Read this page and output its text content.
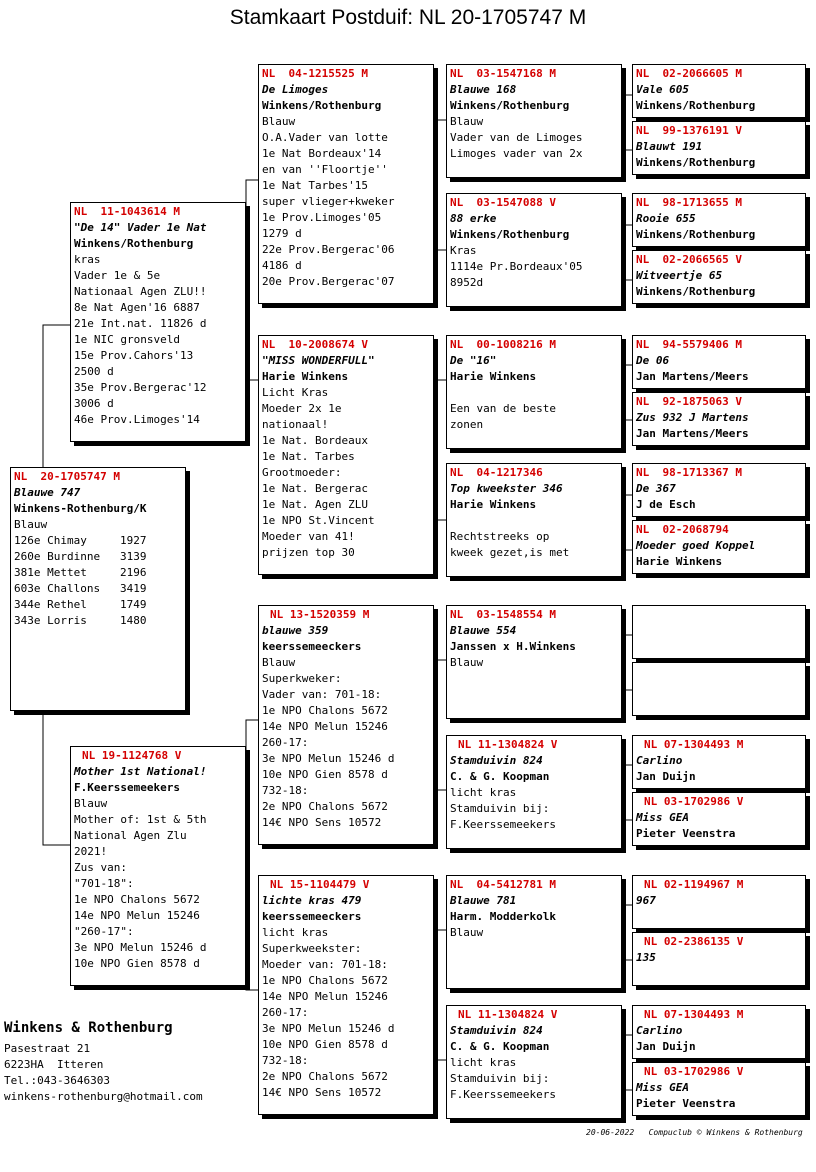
Stamkaart Postduif: NL 20-1705747 M
NL  20-1705747 M
Blauwe 747
Winkens-Rothenburg/K
Blauw
126e Chimay     1927
260e Burdinne   3139
381e Mettet     2196
603e Challons   3419
344e Rethel     1749
343e Lorris     1480
NL  11-1043614 M
"De 14" Vader 1e Nat
Winkens/Rothenburg
kras
Vader 1e & 5e
Nationaal Agen ZLU!!
8e Nat Agen'16 6887
21e Int.nat. 11826 d
1e NIC gronsveld
15e Prov.Cahors'13
2500 d
35e Prov.Bergerac'12
3006 d
46e Prov.Limoges'14
NL 19-1124768 V
Mother 1st National!
F.Keerssemeekers
Blauw
Mother of: 1st & 5th
National Agen Zlu
2021!
Zus van:
"701-18":
1e NPO Chalons 5672
14e NPO Melun 15246
"260-17":
3e NPO Melun 15246 d
10e NPO Gien 8578 d
NL  04-1215525 M
De Limoges
Winkens/Rothenburg
Blauw
O.A.Vader van lotte
1e Nat Bordeaux'14
en van ''Floortje''
1e Nat Tarbes'15
super vlieger+kweker
1e Prov.Limoges'05
1279 d
22e Prov.Bergerac'06
4186 d
20e Prov.Bergerac'07
NL  10-2008674 V
"MISS WONDERFULL"
Harie Winkens
Licht Kras
Moeder 2x 1e
nationaal!
1e Nat. Bordeaux
1e Nat. Tarbes
Grootmoeder:
1e Nat. Bergerac
1e Nat. Agen ZLU
1e NPO St.Vincent
Moeder van 41!
prijzen top 30
NL 13-1520359 M
blauwe 359
keerssemeeckers
Blauw
Superkweker:
Vader van: 701-18:
1e NPO Chalons 5672
14e NPO Melun 15246
260-17:
3e NPO Melun 15246 d
10e NPO Gien 8578 d
732-18:
2e NPO Chalons 5672
14€ NPO Sens 10572
NL 15-1104479 V
lichte kras 479
keerssemeeckers
licht kras
Superkweekster:
Moeder van: 701-18:
1e NPO Chalons 5672
14e NPO Melun 15246
260-17:
3e NPO Melun 15246 d
10e NPO Gien 8578 d
732-18:
2e NPO Chalons 5672
14€ NPO Sens 10572
NL  03-1547168 M
Blauwe 168
Winkens/Rothenburg
Blauw
Vader van de Limoges
Limoges vader van 2x
NL  03-1547088 V
88 erke
Winkens/Rothenburg
Kras
1114e Pr.Bordeaux'05
8952d
NL  00-1008216 M
De "16"
Harie Winkens
Een van de beste
zonen
NL  04-1217346
Top kweekster 346
Harie Winkens
Rechtstreeks op
kweek gezet,is met
NL  03-1548554 M
Blauwe 554
Janssen x H.Winkens
Blauw
NL 11-1304824 V
Stamduivin 824
C. & G. Koopman
licht kras
Stamduivin bij:
F.Keerssemeekers
NL  04-5412781 M
Blauwe 781
Harm. Modderkolk
Blauw
NL 11-1304824 V
Stamduivin 824
C. & G. Koopman
licht kras
Stamduivin bij:
F.Keerssemeekers
NL  02-2066605 M
Vale 605
Winkens/Rothenburg
NL  99-1376191 V
Blauwt 191
Winkens/Rothenburg
NL  98-1713655 M
Rooie 655
Winkens/Rothenburg
NL  02-2066565 V
Witveertje 65
Winkens/Rothenburg
NL  94-5579406 M
De 06
Jan Martens/Meers
NL  92-1875063 V
Zus 932 J Martens
Jan Martens/Meers
NL  98-1713367 M
De 367
J de Esch
NL  02-2068794
Moeder goed Koppel
Harie Winkens
NL 07-1304493 M
Carlino
Jan Duijn
NL 03-1702986 V
Miss GEA
Pieter Veenstra
NL 02-1194967 M
967
NL 02-2386135 V
135
NL 07-1304493 M
Carlino
Jan Duijn
NL 03-1702986 V
Miss GEA
Pieter Veenstra
Winkens & Rothenburg
Pasestraat 21
6223HA  Itteren
Tel.:043-3646303
winkens-rothenburg@hotmail.com
20-06-2022   Compuclub © Winkens & Rothenburg
